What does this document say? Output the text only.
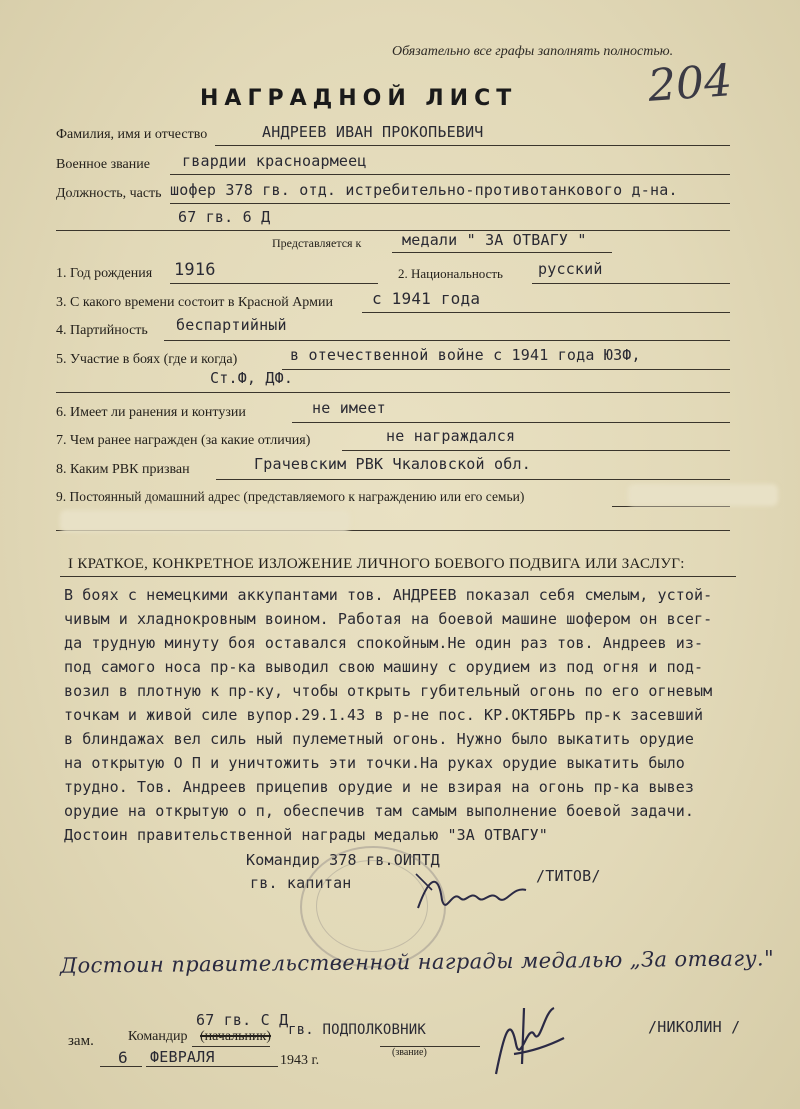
Обязательно все графы заполнять полностью.
204
НАГРАДНОЙ ЛИСТ
Фамилия, имя и отчество	АНДРЕЕВ ИВАН ПРОКОПЬЕВИЧ
Военное звание гвардии красноармеец
Должность, часть шофер 378 гв. отд. истребительно-противотанкового д-на.
67 гв. 6 Д
Представляется к	медали " ЗА ОТВАГУ "
1. Год рождения 1916	2. Национальность русский
3. С какого времени состоит в Красной Армии с 1941 года
4. Партийность беспартийный
5. Участие в боях (где и когда)	в отечественной войне с 1941 года ЮЗФ,
Ст.Ф, ДФ.
6. Имеет ли ранения и контузии	не имеет
7. Чем ранее награжден (за какие отличия)	не награждался
8. Каким РВК призван	Грачевским РВК Чкаловской обл.
9. Постоянный домашний адрес (представляемого к награждению или его семьи)
I КРАТКОЕ, КОНКРЕТНОЕ ИЗЛОЖЕНИЕ ЛИЧНОГО БОЕВОГО ПОДВИГА ИЛИ ЗАСЛУГ:
В боях с немецкими аккупантами тов. АНДРЕЕВ показал себя смелым, устой-
чивым и хладнокровным воином. Работая на боевой машине шофером он всег-
да трудную минуту боя оставался спокойным.Не один раз тов. Андреев из-
под самого носа пр-ка выводил свою машину с орудием из под огня и под-
возил в плотную к пр-ку, чтобы открыть губительный огонь по его огневым
точкам и живой силе вупор.29.1.43 в р-не пос. КР.ОКТЯБРЬ пр-к засевший
в блиндажах вел силь ный пулеметный огонь. Нужно было выкатить орудие
на открытую О П и уничтожить эти точки.На руках орудие выкатить было
трудно. Тов. Андреев прицепив орудие и не взирая на огонь пр-ка вывез
орудие на открытую о п, обеспечив там самым выполнение боевой задачи.
Достоин правительственной награды медалью "ЗА ОТВАГУ"
Командир 378 гв.ОИПТД
гв. капитан	/ТИТОВ/
Достоин правительственной награды медалью „За отвагу."
зам. Командир (начальник)
67 гв. С Д
гв. ПОДПОЛКОВНИК
(звание)
/НИКОЛИН /
6 ФЕВРАЛЯ	1943 г.
